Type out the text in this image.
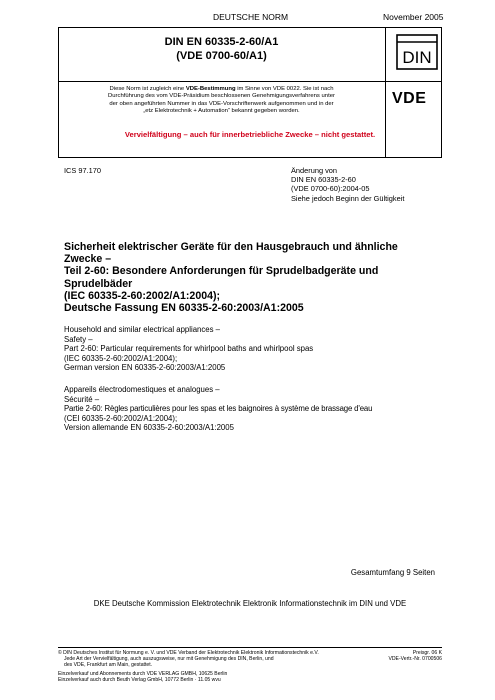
DEUTSCHE NORM	November 2005
DIN EN 60335-2-60/A1
(VDE 0700-60/A1)	DIN
VDE
Diese Norm ist zugleich eine VDE-Bestimmung im Sinne von VDE 0022. Sie ist nach
Durchführung des vom VDE-Präsidium beschlossenen Genehmigungsverfahrens unter
der oben angeführten Nummer in das VDE-Vorschriftenwerk aufgenommen und in der
„etz Elektrotechnik + Automation“ bekannt gegeben worden.
Vervielfältigung – auch für innerbetriebliche Zwecke – nicht gestattet.
ICS 97.170	Änderung von
DIN EN 60335-2-60
(VDE 0700-60):2004-05
Siehe jedoch Beginn der Gültigkeit
Sicherheit elektrischer Geräte für den Hausgebrauch und ähnliche
Zwecke –
Teil 2-60: Besondere Anforderungen für Sprudelbadgeräte und
Sprudelbäder
(IEC 60335-2-60:2002/A1:2004);
Deutsche Fassung EN 60335-2-60:2003/A1:2005
Household and similar electrical appliances –
Safety –
Part 2-60: Particular requirements for whirlpool baths and whirlpool spas
(IEC 60335-2-60:2002/A1:2004);
German version EN 60335-2-60:2003/A1:2005
Appareils électrodomestiques et analogues –
Sécurité –
Partie 2-60: Règles particulières pour les spas et les baignoires à système de brassage d'eau
(CEI 60335-2-60:2002/A1:2004);
Version allemande EN 60335-2-60:2003/A1:2005
Gesamtumfang 9 Seiten
DKE Deutsche Kommission Elektrotechnik Elektronik Informationstechnik im DIN und VDE
© DIN Deutsches Institut für Normung e. V. und VDE Verband der Elektrotechnik Elektronik Informationstechnik e.V.
Jede Art der Vervielfältigung, auch auszugsweise, nur mit Genehmigung des DIN, Berlin, und
des VDE, Frankfurt am Main, gestattet.
Preisgr. 06 K
VDE-Vertr.-Nr. 0700506
Einzelverkauf und Abonnements durch VDE VERLAG GMBH, 10625 Berlin
Einzelverkauf auch durch Beuth Verlag GmbH, 10772 Berlin · 11.05 wvu
